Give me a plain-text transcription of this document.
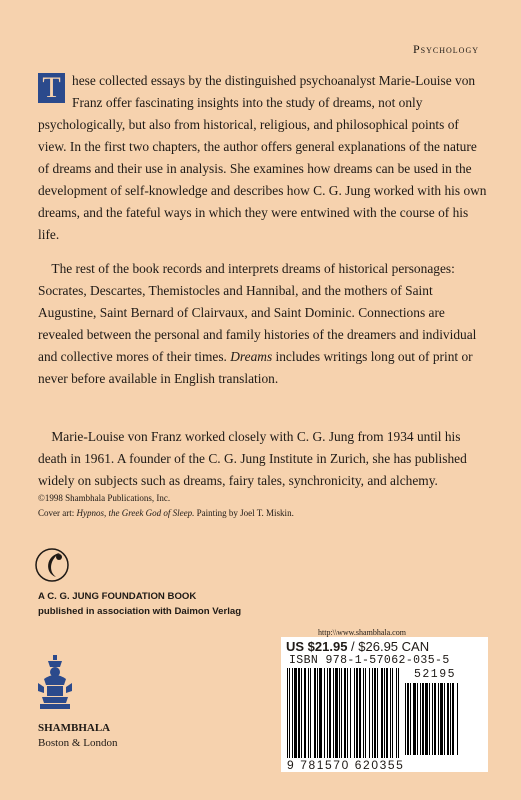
Psychology

T hese collected essays by the distinguished psychoanalyst Marie-Louise von Franz offer fascinating insights into the study of dreams, not only psychologically, but also from historical, religious, and philosophical points of view. In the first two chapters, the author offers general explanations of the nature of dreams and their use in analysis. She examines how dreams can be used in the development of self-knowledge and describes how C. G. Jung worked with his own dreams, and the fateful ways in which they were entwined with the course of his life.

The rest of the book records and interprets dreams of historical personages: Socrates, Descartes, Themistocles and Hannibal, and the mothers of Saint Augustine, Saint Bernard of Clairvaux, and Saint Dominic. Connections are revealed between the personal and family histories of the dreamers and individual and collective mores of their times. Dreams includes writings long out of print or never before available in English translation.

Marie-Louise von Franz worked closely with C. G. Jung from 1934 until his death in 1961. A founder of the C. G. Jung Institute in Zurich, she has published widely on subjects such as dreams, fairy tales, synchronicity, and alchemy.

©1998 Shambhala Publications, Inc.
Cover art: Hypnos, the Greek God of Sleep. Painting by Joel T. Miskin.
A C. G. JUNG FOUNDATION BOOK
published in association with Daimon Verlag
SHAMBHALA
Boston & London
http:\\www.shambhala.com
US $21.95 / $26.95 CAN
ISBN 978-1-57062-035-5
52195
9 781570 620355
